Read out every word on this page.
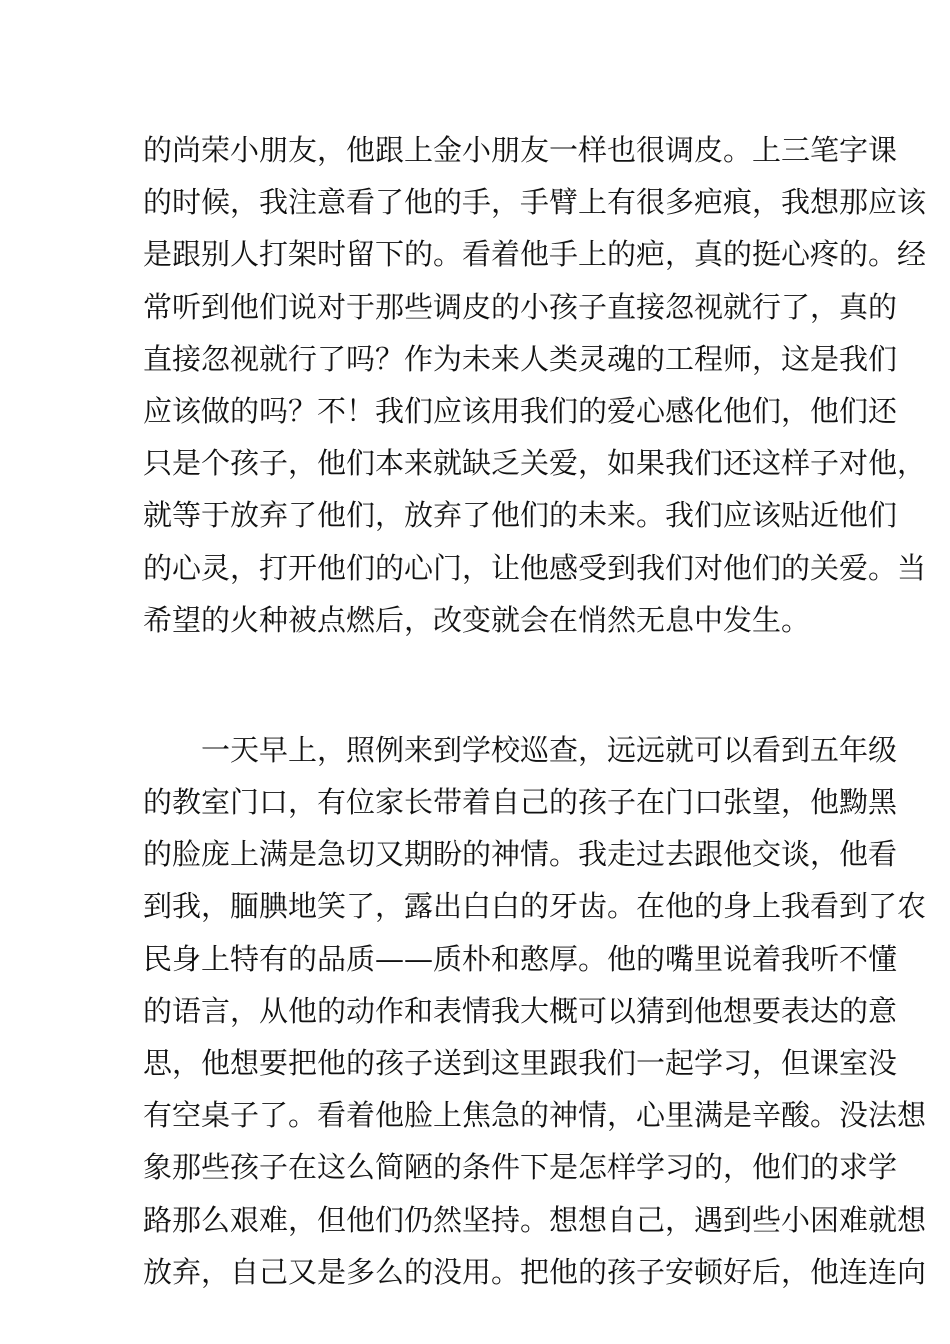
的尚荣小朋友，他跟上金小朋友一样也很调皮。上三笔字课
的时候，我注意看了他的手，手臂上有很多疤痕，我想那应该
是跟别人打架时留下的。看着他手上的疤，真的挺心疼的。经
常听到他们说对于那些调皮的小孩子直接忽视就行了，真的
直接忽视就行了吗？作为未来人类灵魂的工程师，这是我们
应该做的吗？不！我们应该用我们的爱心感化他们，他们还
只是个孩子，他们本来就缺乏关爱，如果我们还这样子对他，
就等于放弃了他们，放弃了他们的未来。我们应该贴近他们
的心灵，打开他们的心门，让他感受到我们对他们的关爱。当
希望的火种被点燃后，改变就会在悄然无息中发生。
一天早上，照例来到学校巡查，远远就可以看到五年级
的教室门口，有位家长带着自己的孩子在门口张望，他黝黑
的脸庞上满是急切又期盼的神情。我走过去跟他交谈，他看
到我，腼腆地笑了，露出白白的牙齿。在他的身上我看到了农
民身上特有的品质——质朴和憨厚。他的嘴里说着我听不懂
的语言，从他的动作和表情我大概可以猜到他想要表达的意
思，他想要把他的孩子送到这里跟我们一起学习，但课室没
有空桌子了。看着他脸上焦急的神情，心里满是辛酸。没法想
象那些孩子在这么简陋的条件下是怎样学习的，他们的求学
路那么艰难，但他们仍然坚持。想想自己，遇到些小困难就想
放弃，自己又是多么的没用。把他的孩子安顿好后，他连连向
